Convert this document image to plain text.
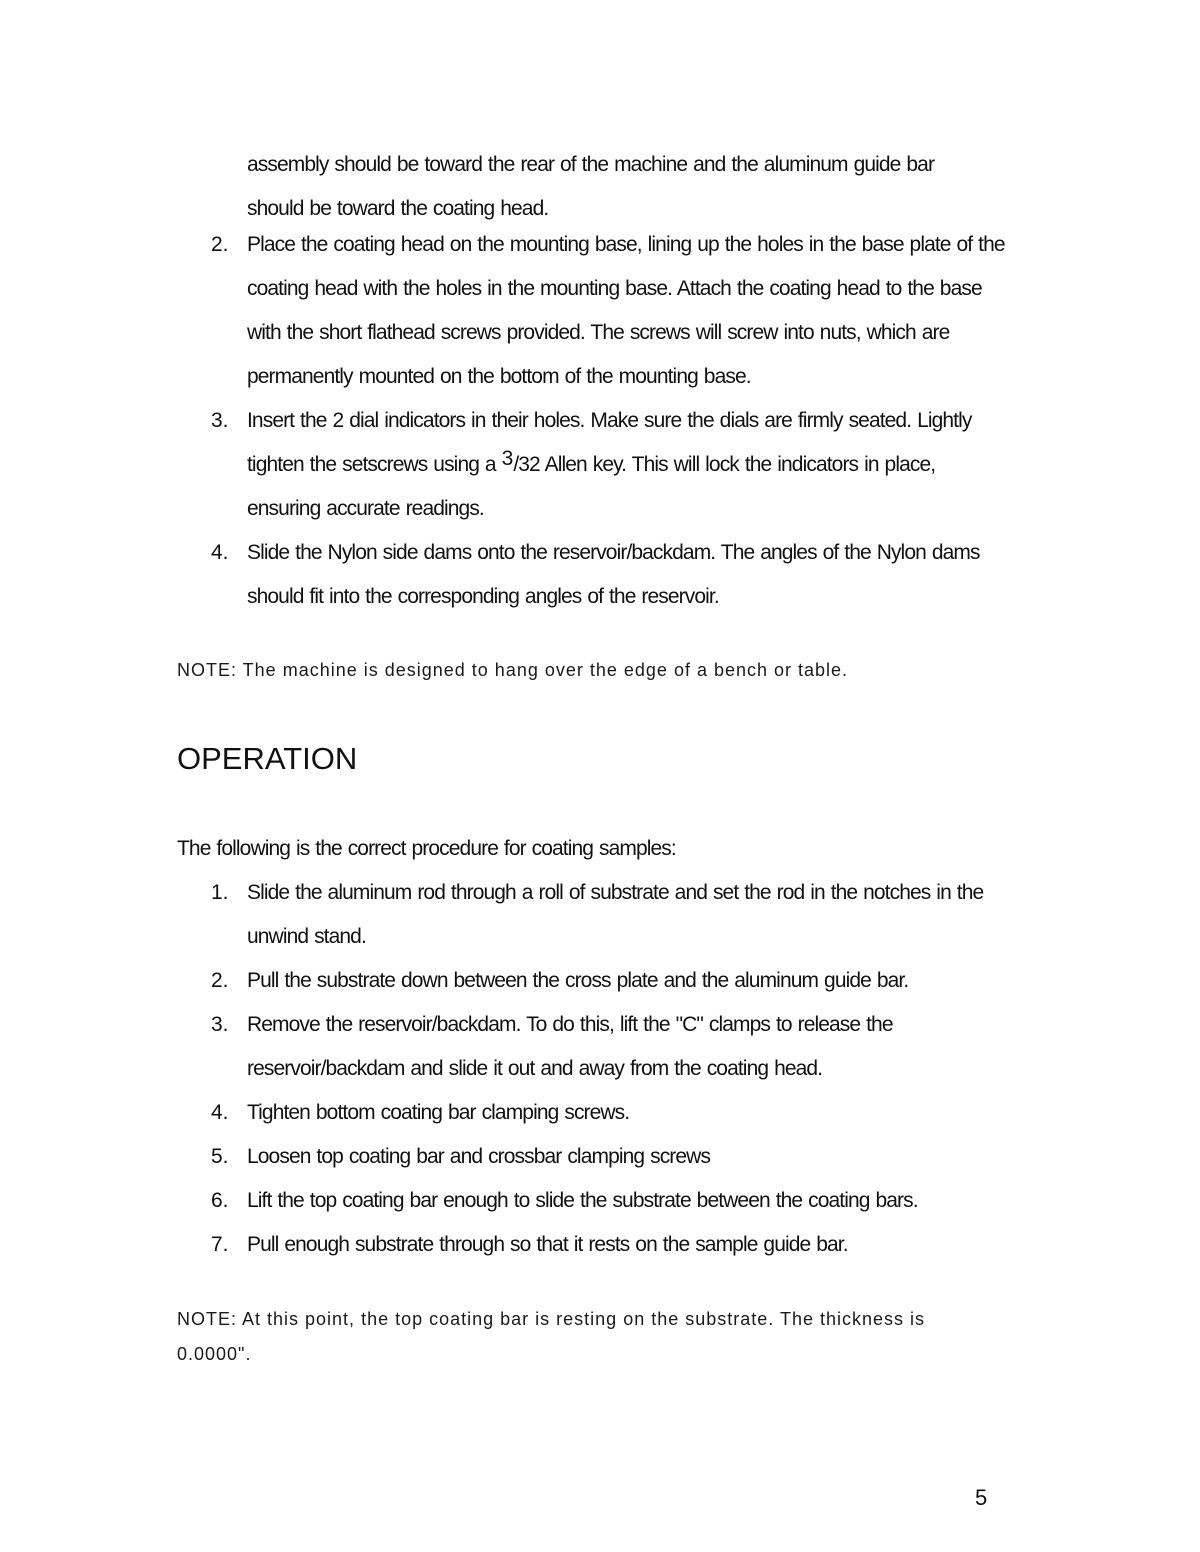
assembly should be toward the rear of the machine and the aluminum guide bar
should be toward the coating head.
2. Place the coating head on the mounting base, lining up the holes in the base plate of the coating head with the holes in the mounting base. Attach the coating head to the base with the short flathead screws provided. The screws will screw into nuts, which are permanently mounted on the bottom of the mounting base.
3. Insert the 2 dial indicators in their holes. Make sure the dials are firmly seated. Lightly tighten the setscrews using a 3/32 Allen key. This will lock the indicators in place, ensuring accurate readings.
4. Slide the Nylon side dams onto the reservoir/backdam. The angles of the Nylon dams should fit into the corresponding angles of the reservoir.
NOTE: The machine is designed to hang over the edge of a bench or table.
OPERATION
The following is the correct procedure for coating samples:
1. Slide the aluminum rod through a roll of substrate and set the rod in the notches in the unwind stand.
2. Pull the substrate down between the cross plate and the aluminum guide bar.
3. Remove the reservoir/backdam. To do this, lift the "C" clamps to release the reservoir/backdam and slide it out and away from the coating head.
4. Tighten bottom coating bar clamping screws.
5. Loosen top coating bar and crossbar clamping screws
6. Lift the top coating bar enough to slide the substrate between the coating bars.
7. Pull enough substrate through so that it rests on the sample guide bar.
NOTE: At this point, the top coating bar is resting on the substrate. The thickness is 0.0000".
5
